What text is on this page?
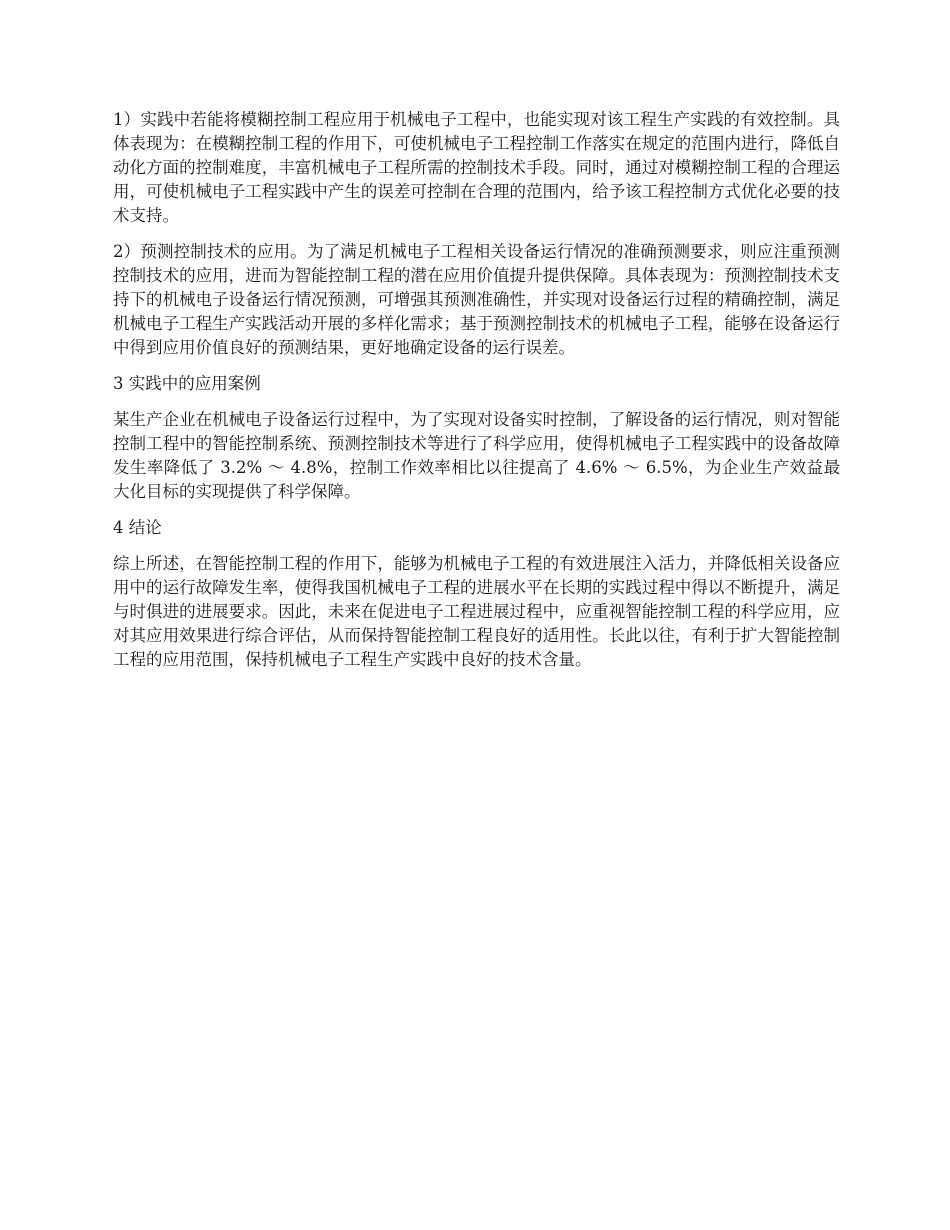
1）实践中若能将模糊控制工程应用于机械电子工程中，也能实现对该工程生产实践的有效控制。具体表现为：在模糊控制工程的作用下，可使机械电子工程控制工作落实在规定的范围内进行，降低自动化方面的控制难度，丰富机械电子工程所需的控制技术手段。同时，通过对模糊控制工程的合理运用，可使机械电子工程实践中产生的误差可控制在合理的范围内，给予该工程控制方式优化必要的技术支持。

2）预测控制技术的应用。为了满足机械电子工程相关设备运行情况的准确预测要求，则应注重预测控制技术的应用，进而为智能控制工程的潜在应用价值提升提供保障。具体表现为：预测控制技术支持下的机械电子设备运行情况预测，可增强其预测准确性，并实现对设备运行过程的精确控制，满足机械电子工程生产实践活动开展的多样化需求；基于预测控制技术的机械电子工程，能够在设备运行中得到应用价值良好的预测结果，更好地确定设备的运行误差。

3 实践中的应用案例

某生产企业在机械电子设备运行过程中，为了实现对设备实时控制，了解设备的运行情况，则对智能控制工程中的智能控制系统、预测控制技术等进行了科学应用，使得机械电子工程实践中的设备故障发生率降低了 3.2% ～ 4.8%，控制工作效率相比以往提高了 4.6% ～ 6.5%，为企业生产效益最大化目标的实现提供了科学保障。

4 结论

综上所述，在智能控制工程的作用下，能够为机械电子工程的有效进展注入活力，并降低相关设备应用中的运行故障发生率，使得我国机械电子工程的进展水平在长期的实践过程中得以不断提升，满足与时俱进的进展要求。因此，未来在促进电子工程进展过程中，应重视智能控制工程的科学应用，应对其应用效果进行综合评估，从而保持智能控制工程良好的适用性。长此以往，有利于扩大智能控制工程的应用范围，保持机械电子工程生产实践中良好的技术含量。
